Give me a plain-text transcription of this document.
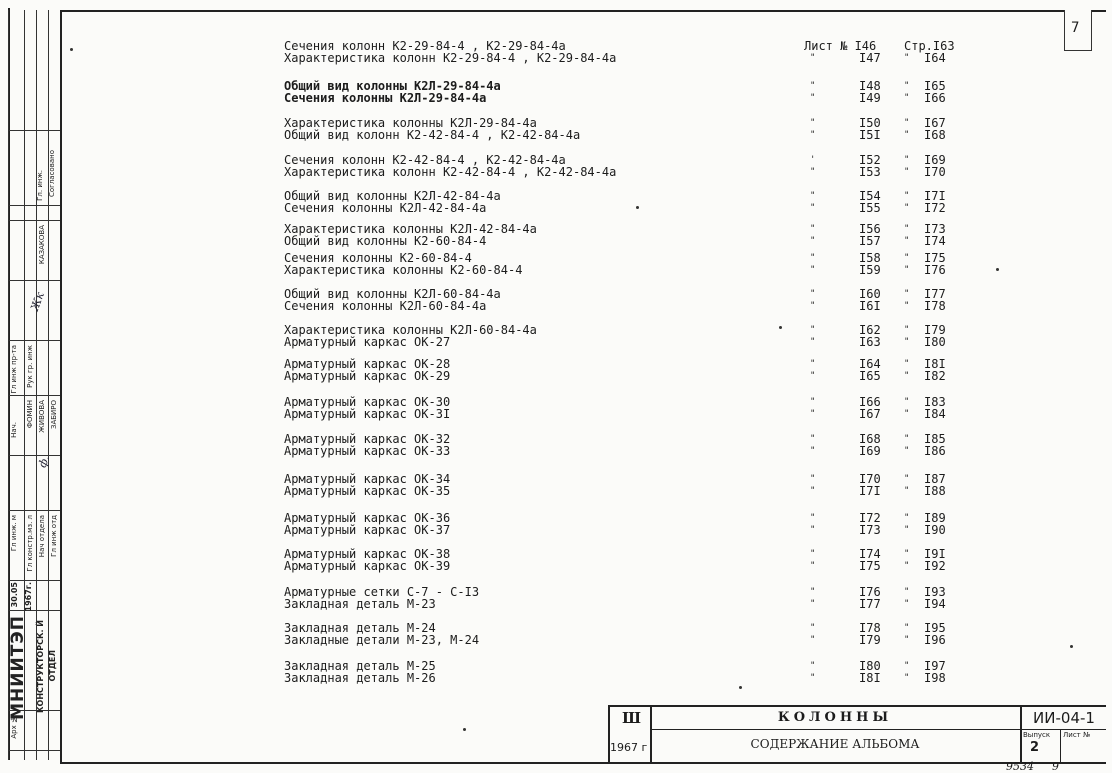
7
Арх №
МНИИТЭП КОНСТРУКТОРСК. Й ОТДЕЛ
30.05 1967г.
Гл инж. м Гл констр.мз. л Нач отдела Гл инж отд
ФОМИН ЖИВОВА ЗАБИРО
Нач.
Гл инж пр-та Рук гр. инж
КАЗАКОВА
Согласовано
Гл. инж.
ф.
Жк
Сечения колонн К2-29-84-4 , К2-29-84-4а	Лист № I46 Стр.I63
Характеристика колонн К2-29-84-4 , К2-29-84-4а	"	I47	" I64
Общий вид колонны К2Л-29-84-4а	"	I48	" I65
Сечения колонны К2Л-29-84-4а	"	I49	" I66
Характеристика колонны К2Л-29-84-4а	"	I50	" I67
Общий вид колонн К2-42-84-4 , К2-42-84-4а	"	I5I	" I68
Сечения колонн К2-42-84-4 , К2-42-84-4а	'	I52	" I69
Характеристика колонн К2-42-84-4 , К2-42-84-4а	"	I53	" I70
Общий вид колонны К2Л-42-84-4а	"	I54	" I7I
Сечения колонны К2Л-42-84-4а	"	I55	" I72
Характеристика колонны К2Л-42-84-4а	"	I56	" I73
Общий вид колонны К2-60-84-4	"	I57	" I74
Сечения колонны К2-60-84-4	"	I58	" I75
Характеристика колонны К2-60-84-4	"	I59	" I76
Общий вид колонны К2Л-60-84-4а	"	I60	" I77
Сечения колонны К2Л-60-84-4а	"	I6I	" I78
Характеристика колонны К2Л-60-84-4а	"	I62	" I79
Арматурный каркас ОК-27	"	I63	" I80
Арматурный каркас ОК-28	"	I64	" I8I
Арматурный каркас ОК-29	"	I65	" I82
Арматурный каркас ОК-30	"	I66	" I83
Арматурный каркас ОК-3I	"	I67	" I84
Арматурный каркас ОК-32	"	I68	" I85
Арматурный каркас ОК-33	"	I69	" I86
Арматурный каркас ОК-34	"	I70	" I87
Арматурный каркас ОК-35	"	I7I	" I88
Арматурный каркас ОК-36	"	I72	" I89
Арматурный каркас ОК-37	"	I73	" I90
Арматурный каркас ОК-38	"	I74	" I9I
Арматурный каркас ОК-39	"	I75	" I92
Арматурные сетки С-7 - С-I3	"	I76	" I93
Закладная деталь М-23	"	I77	" I94
Закладная деталь М-24	"	I78	" I95
Закладные детали М-23, М-24	"	I79	" I96
Закладная деталь М-25	"	I80	" I97
Закладная деталь М-26	"	I8I	" I98
Ш
1967 г
КОЛОННЫ
СОДЕРЖАНИЕ АЛЬБОМА
ИИ-04-1
Выпуск Лист №
2
9534 9
